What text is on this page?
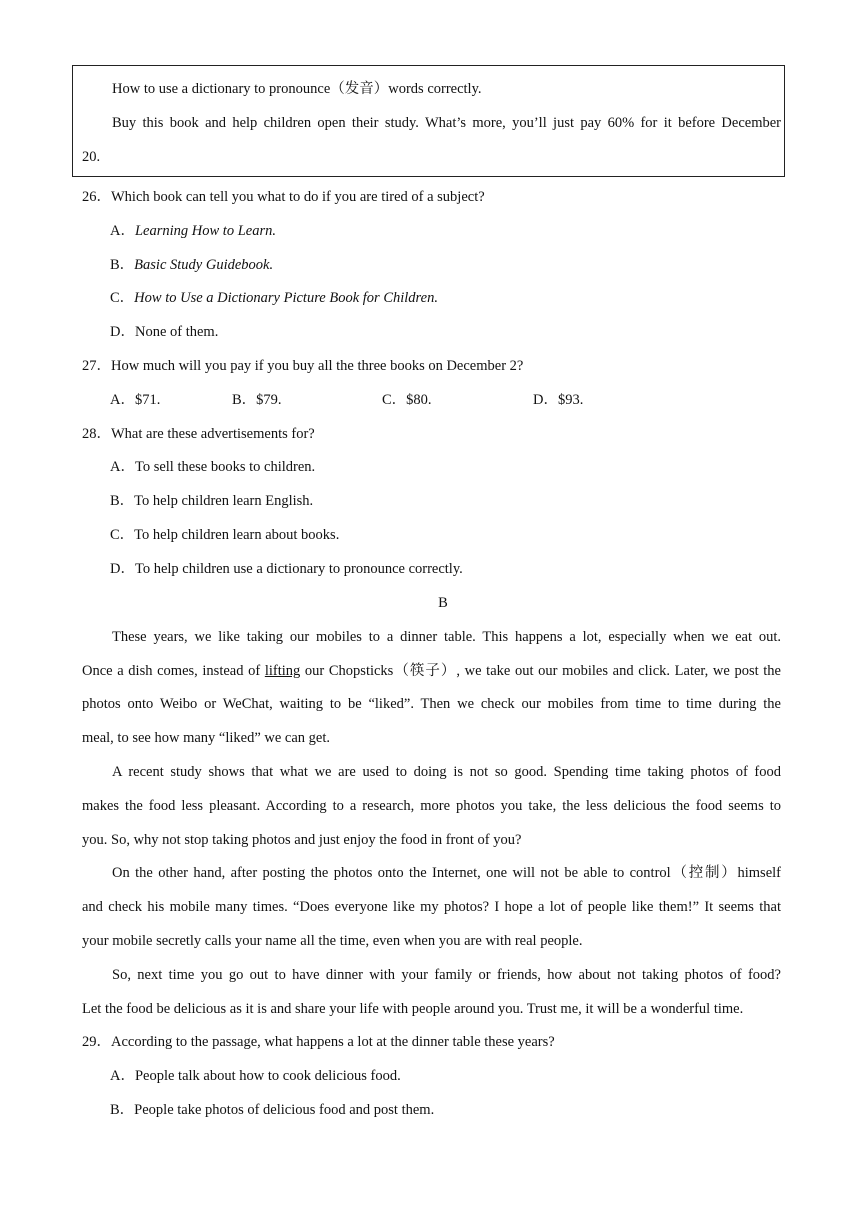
How to use a dictionary to pronounce（发音）words correctly.
Buy this book and help children open their study. What’s more, you’ll just pay 60% for it before December
20.
26．Which book can tell you what to do if you are tired of a subject?
A．Learning How to Learn.
B．Basic Study Guidebook.
C．How to Use a Dictionary Picture Book for Children.
D．None of them.
27．How much will you pay if you buy all the three books on December 2?
A．$71.	B．$79.	C．$80.	D．$93.
28．What are these advertisements for?
A．To sell these books to children.
B．To help children learn English.
C．To help children learn about books.
D．To help children use a dictionary to pronounce correctly.
B
These years, we like taking our mobiles to a dinner table. This happens a lot, especially when we eat out.
Once a dish comes, instead of lifting our Chopsticks（筷子）, we take out our mobiles and click. Later, we post the
photos onto Weibo or WeChat, waiting to be “liked”. Then we check our mobiles from time to time during the
meal, to see how many “liked” we can get.
A recent study shows that what we are used to doing is not so good. Spending time taking photos of food
makes the food less pleasant. According to a research, more photos you take, the less delicious the food seems to
you. So, why not stop taking photos and just enjoy the food in front of you?
On the other hand, after posting the photos onto the Internet, one will not be able to control（控制）himself
and check his mobile many times. “Does everyone like my photos? I hope a lot of people like them!” It seems that
your mobile secretly calls your name all the time, even when you are with real people.
So, next time you go out to have dinner with your family or friends, how about not taking photos of food?
Let the food be delicious as it is and share your life with people around you. Trust me, it will be a wonderful time.
29．According to the passage, what happens a lot at the dinner table these years?
A．People talk about how to cook delicious food.
B．People take photos of delicious food and post them.
